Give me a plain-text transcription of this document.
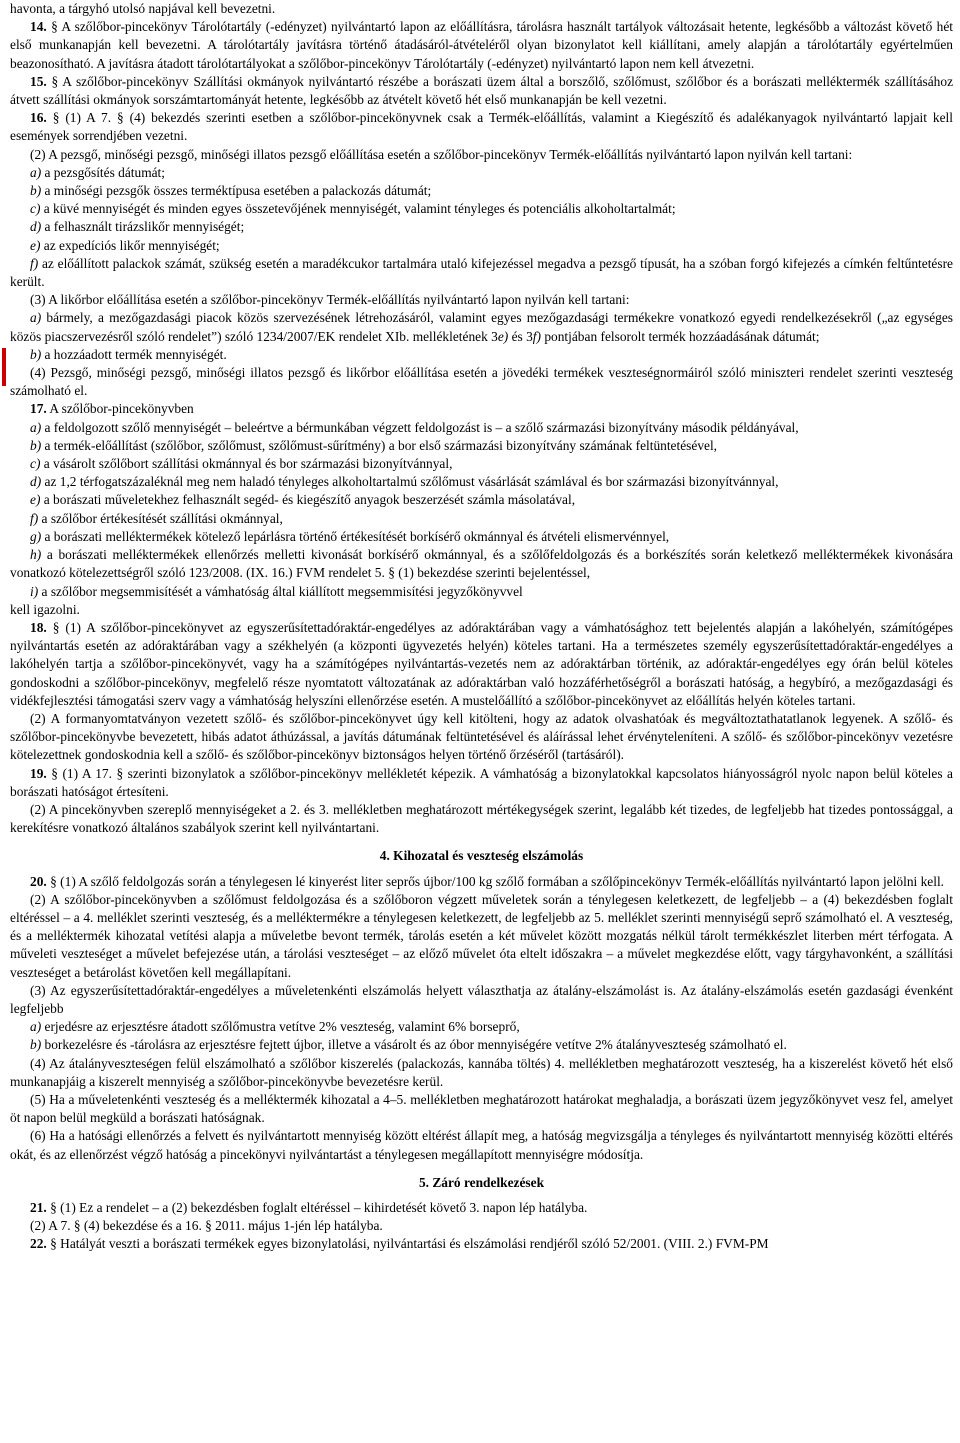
havonta, a tárgyhó utolsó napjával kell bevezetni.

14. § A szőlőbor-pincekönyv Tárolótartály (-edényzet) nyilvántartó lapon az előállításra, tárolásra használt tartályok változásait hetente, legkésőbb a változást követő hét első munkanapján kell bevezetni. A tárolótartály javításra történő átadásáról-átvételéről olyan bizonylatot kell kiállítani, amely alapján a tárolótartály egyértelműen beazonosítható. A javításra átadott tárolótartályokat a szőlőbor-pincekönyv Tárolótartály (-edényzet) nyilvántartó lapon nem kell átvezetni.

15. § A szőlőbor-pincekönyv Szállítási okmányok nyilvántartó részébe a borászati üzem által a borszőlő, szőlőmust, szőlőbor és a borászati melléktermék szállításához átvett szállítási okmányok sorszámtartományát hetente, legkésőbb az átvételt követő hét első munkanapján be kell vezetni.

16. § (1) A 7. § (4) bekezdés szerinti esetben a szőlőbor-pincekönyvnek csak a Termék-előállítás, valamint a Kiegészítő és adalékanyagok nyilvántartó lapjait kell események sorrendjében vezetni.

(2) A pezsgő, minőségi pezsgő, minőségi illatos pezsgő előállítása esetén a szőlőbor-pincekönyv Termék-előállítás nyilvántartó lapon nyilván kell tartani:

a) a pezsgősítés dátumát;

b) a minőségi pezsgők összes terméktípusa esetében a palackozás dátumát;

c) a küvé mennyiségét és minden egyes összetevőjének mennyiségét, valamint tényleges és potenciális alkoholtartalmát;

d) a felhasznált tirázslikőr mennyiségét;

e) az expedíciós likőr mennyiségét;

f) az előállított palackok számát, szükség esetén a maradékcukor tartalmára utaló kifejezéssel megadva a pezsgő típusát, ha a szóban forgó kifejezés a címkén feltűntetésre került.

(3) A likőrbor előállítása esetén a szőlőbor-pincekönyv Termék-előállítás nyilvántartó lapon nyilván kell tartani:

a) bármely, a mezőgazdasági piacok közös szervezésének létrehozásáról, valamint egyes mezőgazdasági termékekre vonatkozó egyedi rendelkezésekről („az egységes közös piacszervezésről szóló rendelet”) szóló 1234/2007/EK rendelet XIb. mellékletének 3e) és 3f) pontjában felsorolt termék hozzáadásának dátumát;

b) a hozzáadott termék mennyiségét.

(4) Pezsgő, minőségi pezsgő, minőségi illatos pezsgő és likőrbor előállítása esetén a jövedéki termékek veszteségnormáiról szóló miniszteri rendelet szerinti veszteség számolható el.

17. A szőlőbor-pincekönyvben

a) a feldolgozott szőlő mennyiségét – beleértve a bérmunkában végzett feldolgozást is – a szőlő származási bizonyítvány második példányával,

b) a termék-előállítást (szőlőbor, szőlőmust, szőlőmust-sűrítmény) a bor első származási bizonyítvány számának feltüntetésével,

c) a vásárolt szőlőbort szállítási okmánnyal és bor származási bizonyítvánnyal,

d) az 1,2 térfogatszázaléknál meg nem haladó tényleges alkoholtartalmú szőlőmust vásárlását számlával és bor származási bizonyítvánnyal,

e) a borászati műveletekhez felhasznált segéd- és kiegészítő anyagok beszerzését számla másolatával,

f) a szőlőbor értékesítését szállítási okmánnyal,

g) a borászati melléktermékek kötelező lepárlásra történő értékesítését borkísérő okmánnyal és átvételi elismervénnyel,

h) a borászati melléktermékek ellenőrzés melletti kivonását borkísérő okmánnyal, és a szőlőfeldolgozás és a borkészítés során keletkező melléktermékek kivonására vonatkozó kötelezettségről szóló 123/2008. (IX. 16.) FVM rendelet 5. § (1) bekezdése szerinti bejelentéssel,

i) a szőlőbor megsemmisítését a vámhatóság által kiállított megsemmisítési jegyzőkönyvvel

kell igazolni.

18. § (1) A szőlőbor-pincekönyvet az egyszerűsítettadóraktár-engedélyes az adóraktárában vagy a vámhatósághoz tett bejelentés alapján a lakóhelyén, számítógépes nyilvántartás esetén az adóraktárában vagy a székhelyén (a központi ügyvezetés helyén) köteles tartani. Ha a természetes személy egyszerűsítettadóraktár-engedélyes a lakóhelyén tartja a szőlőbor-pincekönyvét, vagy ha a számítógépes nyilvántartás-vezetés nem az adóraktárban történik, az adóraktár-engedélyes egy órán belül köteles gondoskodni a szőlőbor-pincekönyv, megfelelő része nyomtatott változatának az adóraktárban való hozzáférhetőségről a borászati hatóság, a hegybíró, a mezőgazdasági és vidékfejlesztési támogatási szerv vagy a vámhatóság helyszíni ellenőrzése esetén. A mustelőállító a szőlőbor-pincekönyvet az előállítás helyén köteles tartani.

(2) A formanyomtatványon vezetett szőlő- és szőlőbor-pincekönyvet úgy kell kitölteni, hogy az adatok olvashatóak és megváltoztathatatlanok legyenek. A szőlő- és szőlőbor-pincekönyvbe bevezetett, hibás adatot áthúzással, a javítás dátumának feltüntetésével és aláírással lehet érvényteleníteni. A szőlő- és szőlőbor-pincekönyv vezetésre kötelezettnek gondoskodnia kell a szőlő- és szőlőbor-pincekönyv biztonságos helyen történő őrzéséről (tartásáról).

19. § (1) A 17. § szerinti bizonylatok a szőlőbor-pincekönyv mellékletét képezik. A vámhatóság a bizonylatokkal kapcsolatos hiányosságról nyolc napon belül köteles a borászati hatóságot értesíteni.

(2) A pincekönyvben szereplő mennyiségeket a 2. és 3. mellékletben meghatározott mértékegységek szerint, legalább két tizedes, de legfeljebb hat tizedes pontossággal, a kerekítésre vonatkozó általános szabályok szerint kell nyilvántartani.

4. Kihozatal és veszteség elszámolás

20. § (1) A szőlő feldolgozás során a ténylegesen lé kinyerést liter seprős újbor/100 kg szőlő formában a szőlőpincekönyv Termék-előállítás nyilvántartó lapon jelölni kell.

(2) A szőlőbor-pincekönyvben a szőlőmust feldolgozása és a szőlőboron végzett műveletek során a ténylegesen keletkezett, de legfeljebb – a (4) bekezdésben foglalt eltéréssel – a 4. melléklet szerinti veszteség, és a melléktermékre a ténylegesen keletkezett, de legfeljebb az 5. melléklet szerinti mennyiségű seprő számolható el. A veszteség, és a melléktermék kihozatal vetítési alapja a műveletbe bevont termék, tárolás esetén a két művelet között mozgatás nélkül tárolt termékkészlet literben mért térfogata. A műveleti veszteséget a művelet befejezése után, a tárolási veszteséget – az előző művelet óta eltelt időszakra – a művelet megkezdése előtt, vagy tárgyhavonként, a szállítási veszteséget a betárolást követően kell megállapítani.

(3) Az egyszerűsítettadóraktár-engedélyes a műveletenkénti elszámolás helyett választhatja az átalány-elszámolást is. Az átalány-elszámolás esetén gazdasági évenként legfeljebb

a) erjedésre az erjesztésre átadott szőlőmustra vetítve 2% veszteség, valamint 6% borseprő,

b) borkezelésre és -tárolásra az erjesztésre fejtett újbor, illetve a vásárolt és az óbor mennyiségére vetítve 2% átalányveszteség számolható el.

(4) Az átalányveszteségen felül elszámolható a szőlőbor kiszerelés (palackozás, kannába töltés) 4. mellékletben meghatározott veszteség, ha a kiszerelést követő hét első munkanapjáig a kiszerelt mennyiség a szőlőbor-pincekönyvbe bevezetésre kerül.

(5) Ha a műveletenkénti veszteség és a melléktermék kihozatal a 4–5. mellékletben meghatározott határokat meghaladja, a borászati üzem jegyzőkönyvet vesz fel, amelyet öt napon belül megküld a borászati hatóságnak.

(6) Ha a hatósági ellenőrzés a felvett és nyilvántartott mennyiség között eltérést állapít meg, a hatóság megvizsgálja a tényleges és nyilvántartott mennyiség közötti eltérés okát, és az ellenőrzést végző hatóság a pincekönyvi nyilvántartást a ténylegesen megállapított mennyiségre módosítja.

5. Záró rendelkezések

21. § (1) Ez a rendelet – a (2) bekezdésben foglalt eltéréssel – kihirdetését követő 3. napon lép hatályba.

(2) A 7. § (4) bekezdése és a 16. § 2011. május 1-jén lép hatályba.

22. § Hatályát veszti a borászati termékek egyes bizonylatolási, nyilvántartási és elszámolási rendjéről szóló 52/2001. (VIII. 2.) FVM-PM
